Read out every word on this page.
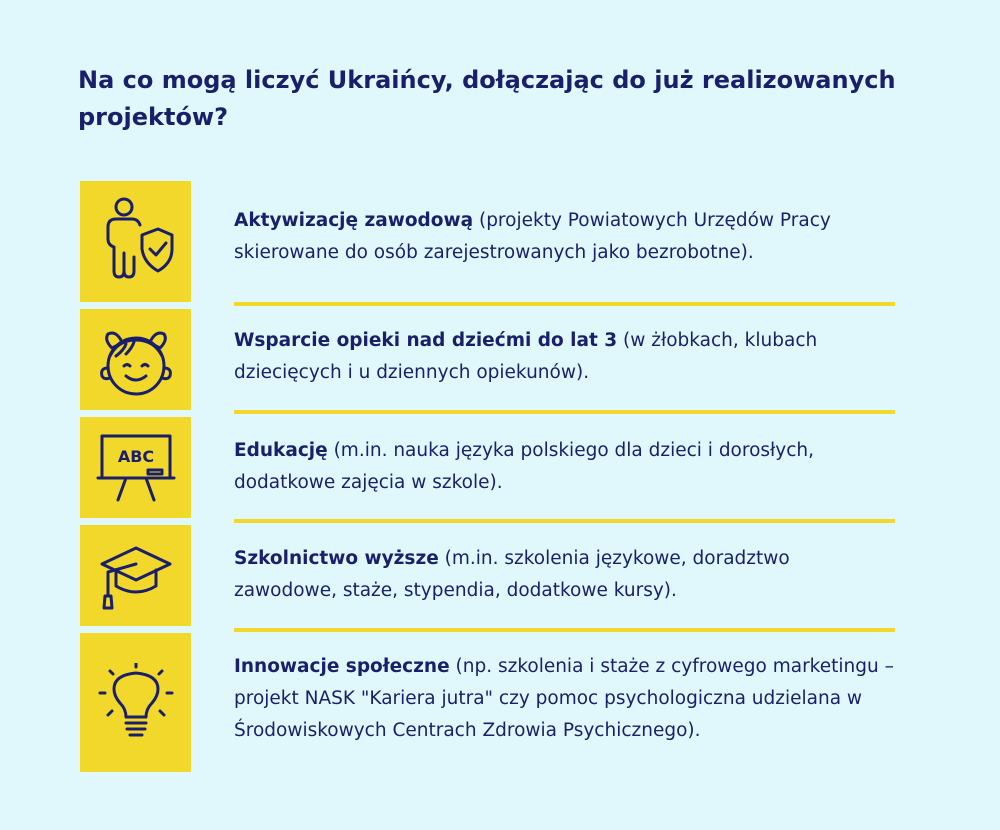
Na co mogą liczyć Ukraińcy, dołączając do już realizowanych projektów?

Aktywizację zawodową (projekty Powiatowych Urzędów Pracy skierowane do osób zarejestrowanych jako bezrobotne).

Wsparcie opieki nad dziećmi do lat 3 (w żłobkach, klubach dziecięcych i u dziennych opiekunów).

ABC	Edukację (m.in. nauka języka polskiego dla dzieci i dorosłych, dodatkowe zajęcia w szkole).

Szkolnictwo wyższe (m.in. szkolenia językowe, doradztwo zawodowe, staże, stypendia, dodatkowe kursy).

Innowacje społeczne (np. szkolenia i staże z cyfrowego marketingu – projekt NASK "Kariera jutra" czy pomoc psychologiczna udzielana w Środowiskowych Centrach Zdrowia Psychicznego).
